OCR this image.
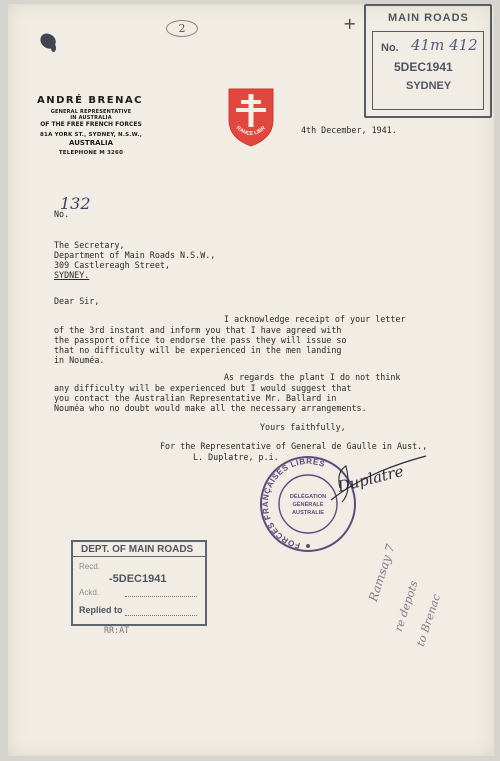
2	+	MAIN ROADS
No. 41m 412
5DEC1941
SYDNEY
ANDRÉ BRENAC
GENERAL REPRESENTATIVE
IN AUSTRALIA
OF THE FREE FRENCH FORCES
81A YORK ST., SYDNEY, N.S.W.,
AUSTRALIA
TELEPHONE M 3260
RANCE LIBR	4th December, 1941.
No.
132
The Secretary,
Department of Main Roads N.S.W.,
309 Castlereagh Street,
SYDNEY.
Dear Sir,
I acknowledge receipt of your letter
of the 3rd instant and inform you that I have agreed with
the passport office to endorse the pass they will issue so
that no difficulty will be experienced in the men landing
in Nouméa.
As regards the plant I do not think
any difficulty will be experienced but I would suggest that
you contact the Australian Representative Mr. Ballard in
Nouméa who no doubt would make all the necessary arrangements.
Yours faithfully,
For the Representative of General de Gaulle in Aust.,
L. Duplatre, p.i.
FORCES FRANÇAISES LIBRES
DÉLÉGATION
GÉNÉRALE
AUSTRALIE
Duplatre
DEPT. OF MAIN ROADS
Recd.
-5DEC1941
Ackd.
Replied to
RR:AT
Ramsay 7
re depots
to Brenac
